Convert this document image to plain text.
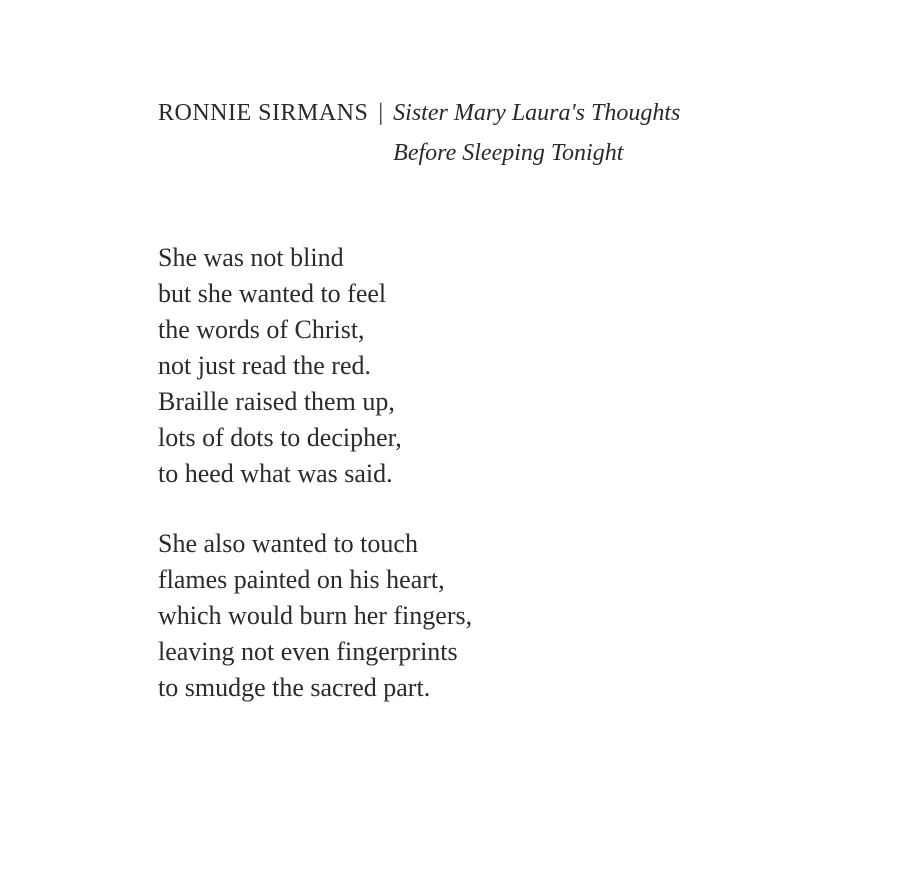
RONNIE SIRMANS | Sister Mary Laura's Thoughts
Before Sleeping Tonight
She was not blind
but she wanted to feel
the words of Christ,
not just read the red.
Braille raised them up,
lots of dots to decipher,
to heed what was said.
She also wanted to touch
flames painted on his heart,
which would burn her fingers,
leaving not even fingerprints
to smudge the sacred part.
